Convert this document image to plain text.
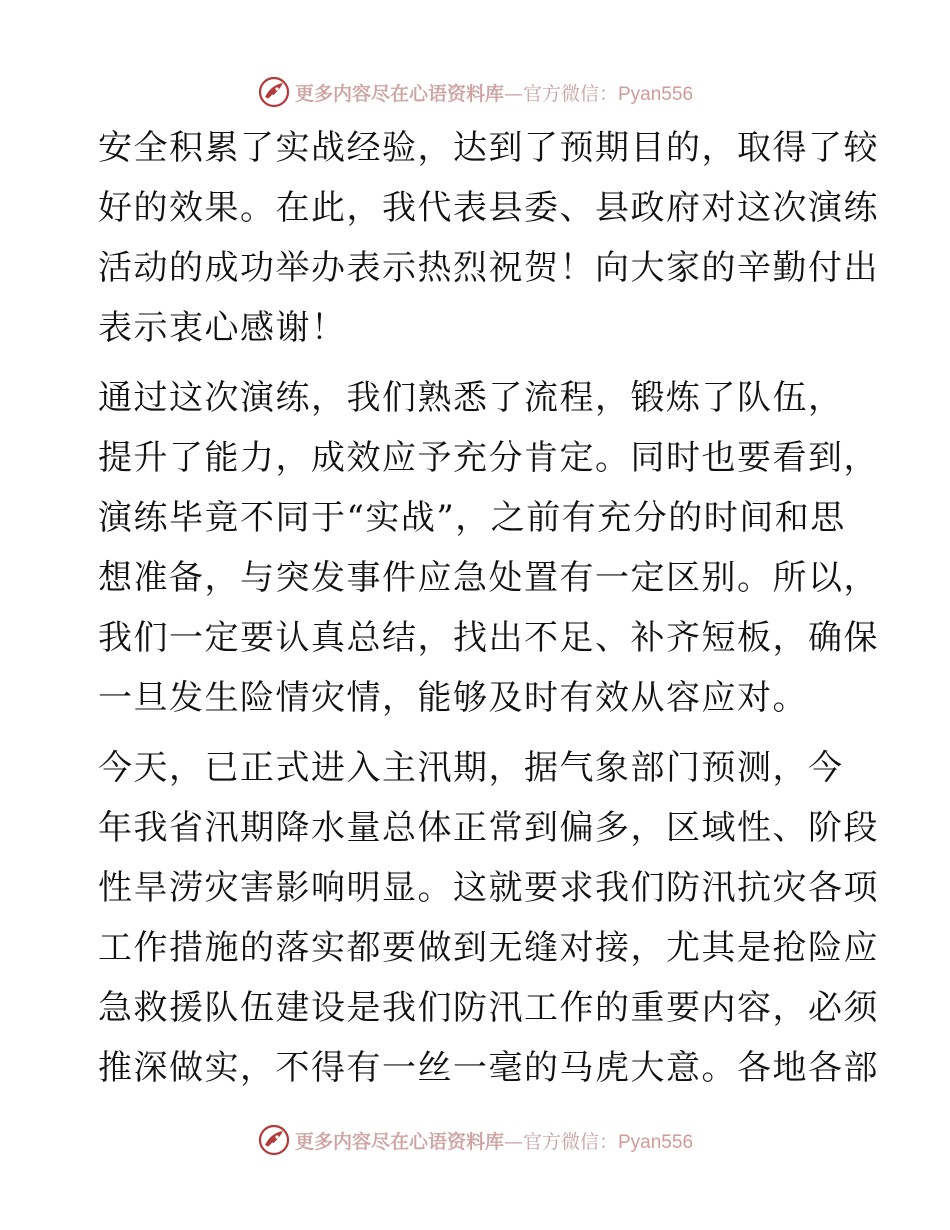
更多内容尽在心语资料库—官方微信：Pyan556

安全积累了实战经验，达到了预期目的，取得了较
好的效果。在此，我代表县委、县政府对这次演练
活动的成功举办表示热烈祝贺！向大家的辛勤付出
表示衷心感谢！

通过这次演练，我们熟悉了流程，锻炼了队伍，
提升了能力，成效应予充分肯定。同时也要看到，
演练毕竟不同于“实战”，之前有充分的时间和思
想准备，与突发事件应急处置有一定区别。所以，
我们一定要认真总结，找出不足、补齐短板，确保
一旦发生险情灾情，能够及时有效从容应对。

今天，已正式进入主汛期，据气象部门预测，今
年我省汛期降水量总体正常到偏多，区域性、阶段
性旱涝灾害影响明显。这就要求我们防汛抗灾各项
工作措施的落实都要做到无缝对接，尤其是抢险应
急救援队伍建设是我们防汛工作的重要内容，必须
推深做实，不得有一丝一毫的马虎大意。各地各部

更多内容尽在心语资料库—官方微信：Pyan556
